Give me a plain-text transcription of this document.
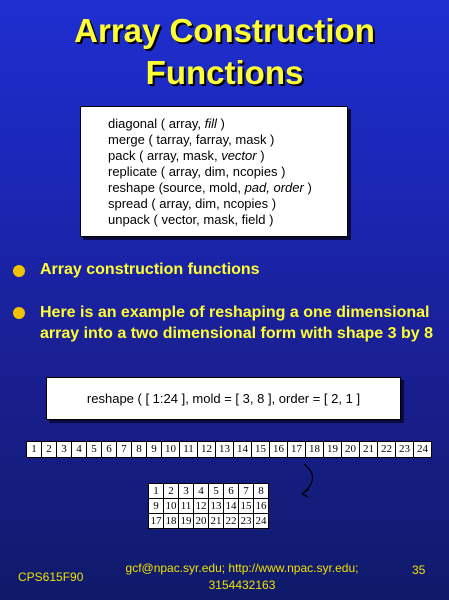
Array Construction
Functions
diagonal ( array, fill )
merge ( tarray, farray, mask )
pack ( array, mask, vector )
replicate ( array, dim, ncopies )
reshape (source, mold, pad, order )
spread ( array, dim, ncopies )
unpack ( vector, mask, field )
Array construction functions
Here is an example of reshaping a one dimensional array into a two dimensional form with shape 3 by 8
reshape ( [ 1:24 ], mold = [ 3, 8 ], order = [ 2, 1 ]
1 2 3 4 5 6 7 8 9 10 11 12 13 14 15 16 17 18 19 20 21 22 23 24
1 2 3 4 5 6 7 8
9 10 11 12 13 14 15 16
17 18 19 20 21 22 23 24
CPS615F90
gcf@npac.syr.edu; http://www.npac.syr.edu; 3154432163
35
